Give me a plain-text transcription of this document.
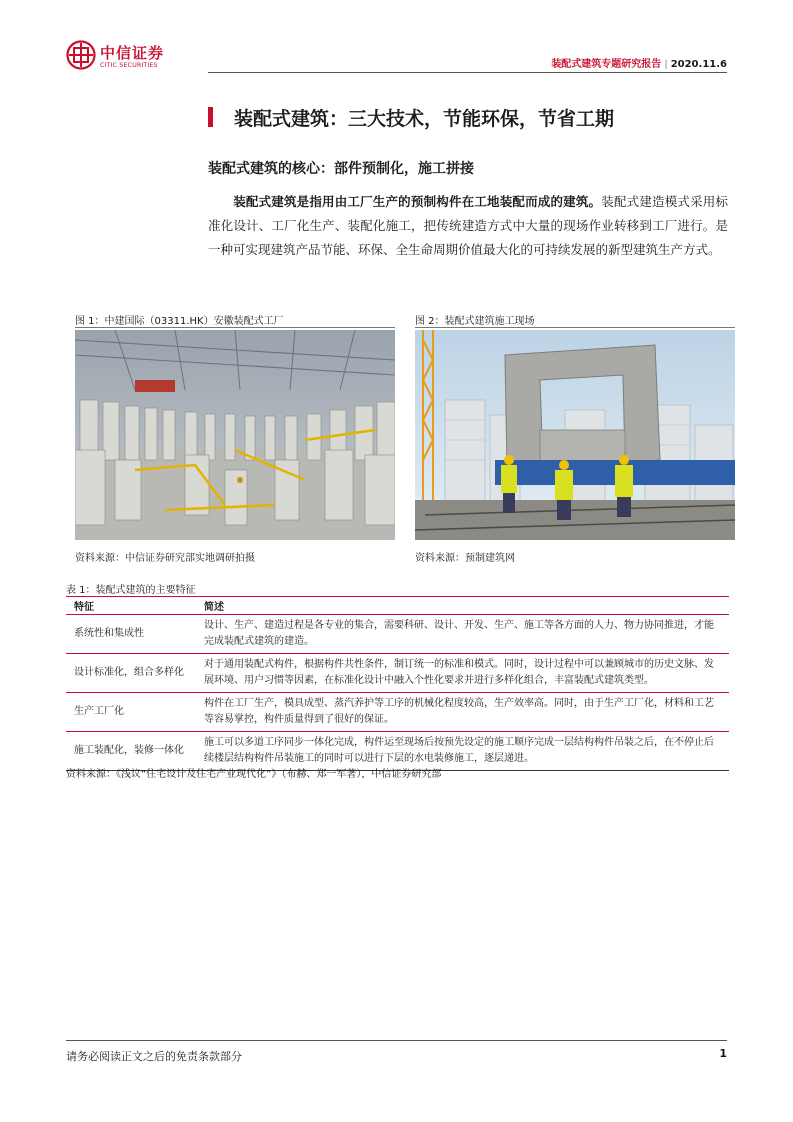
中信证券
CITIC SECURITIES	装配式建筑专题研究报告 | 2020.11.6
装配式建筑：三大技术，节能环保，节省工期
装配式建筑的核心：部件预制化，施工拼接
装配式建筑是指用由工厂生产的预制构件在工地装配而成的建筑。装配式建造模式采用标准化设计、工厂化生产、装配化施工，把传统建造方式中大量的现场作业转移到工厂进行。是一种可实现建筑产品节能、环保、全生命周期价值最大化的可持续发展的新型建筑生产方式。
图 1：中建国际（03311.HK）安徽装配式工厂
资料来源：中信证券研究部实地调研拍摄
图 2：装配式建筑施工现场
资料来源：预制建筑网
表 1：装配式建筑的主要特征
特征	简述
系统性和集成性	设计、生产、建造过程是各专业的集合，需要科研、设计、开发、生产、施工等各方面的人力、物力协同推进，才能完成装配式建筑的建造。
设计标准化，组合多样化	对于通用装配式构件，根据构件共性条件，制订统一的标准和模式。同时，设计过程中可以兼顾城市的历史文脉、发展环境、用户习惯等因素，在标准化设计中融入个性化要求并进行多样化组合，丰富装配式建筑类型。
生产工厂化	构件在工厂生产，模具成型、蒸汽养护等工序的机械化程度较高，生产效率高。同时，由于生产工厂化，材料和工艺等容易掌控，构件质量得到了很好的保证。
施工装配化，装修一体化	施工可以多道工序同步一体化完成，构件运至现场后按预先设定的施工顺序完成一层结构构件吊装之后，在不停止后续楼层结构构件吊装施工的同时可以进行下层的水电装修施工，逐层递进。
资料来源：《浅议“住宅设计及住宅产业现代化”》（布赫、郑一军著），中信证券研究部
请务必阅读正文之后的免责条款部分	1
